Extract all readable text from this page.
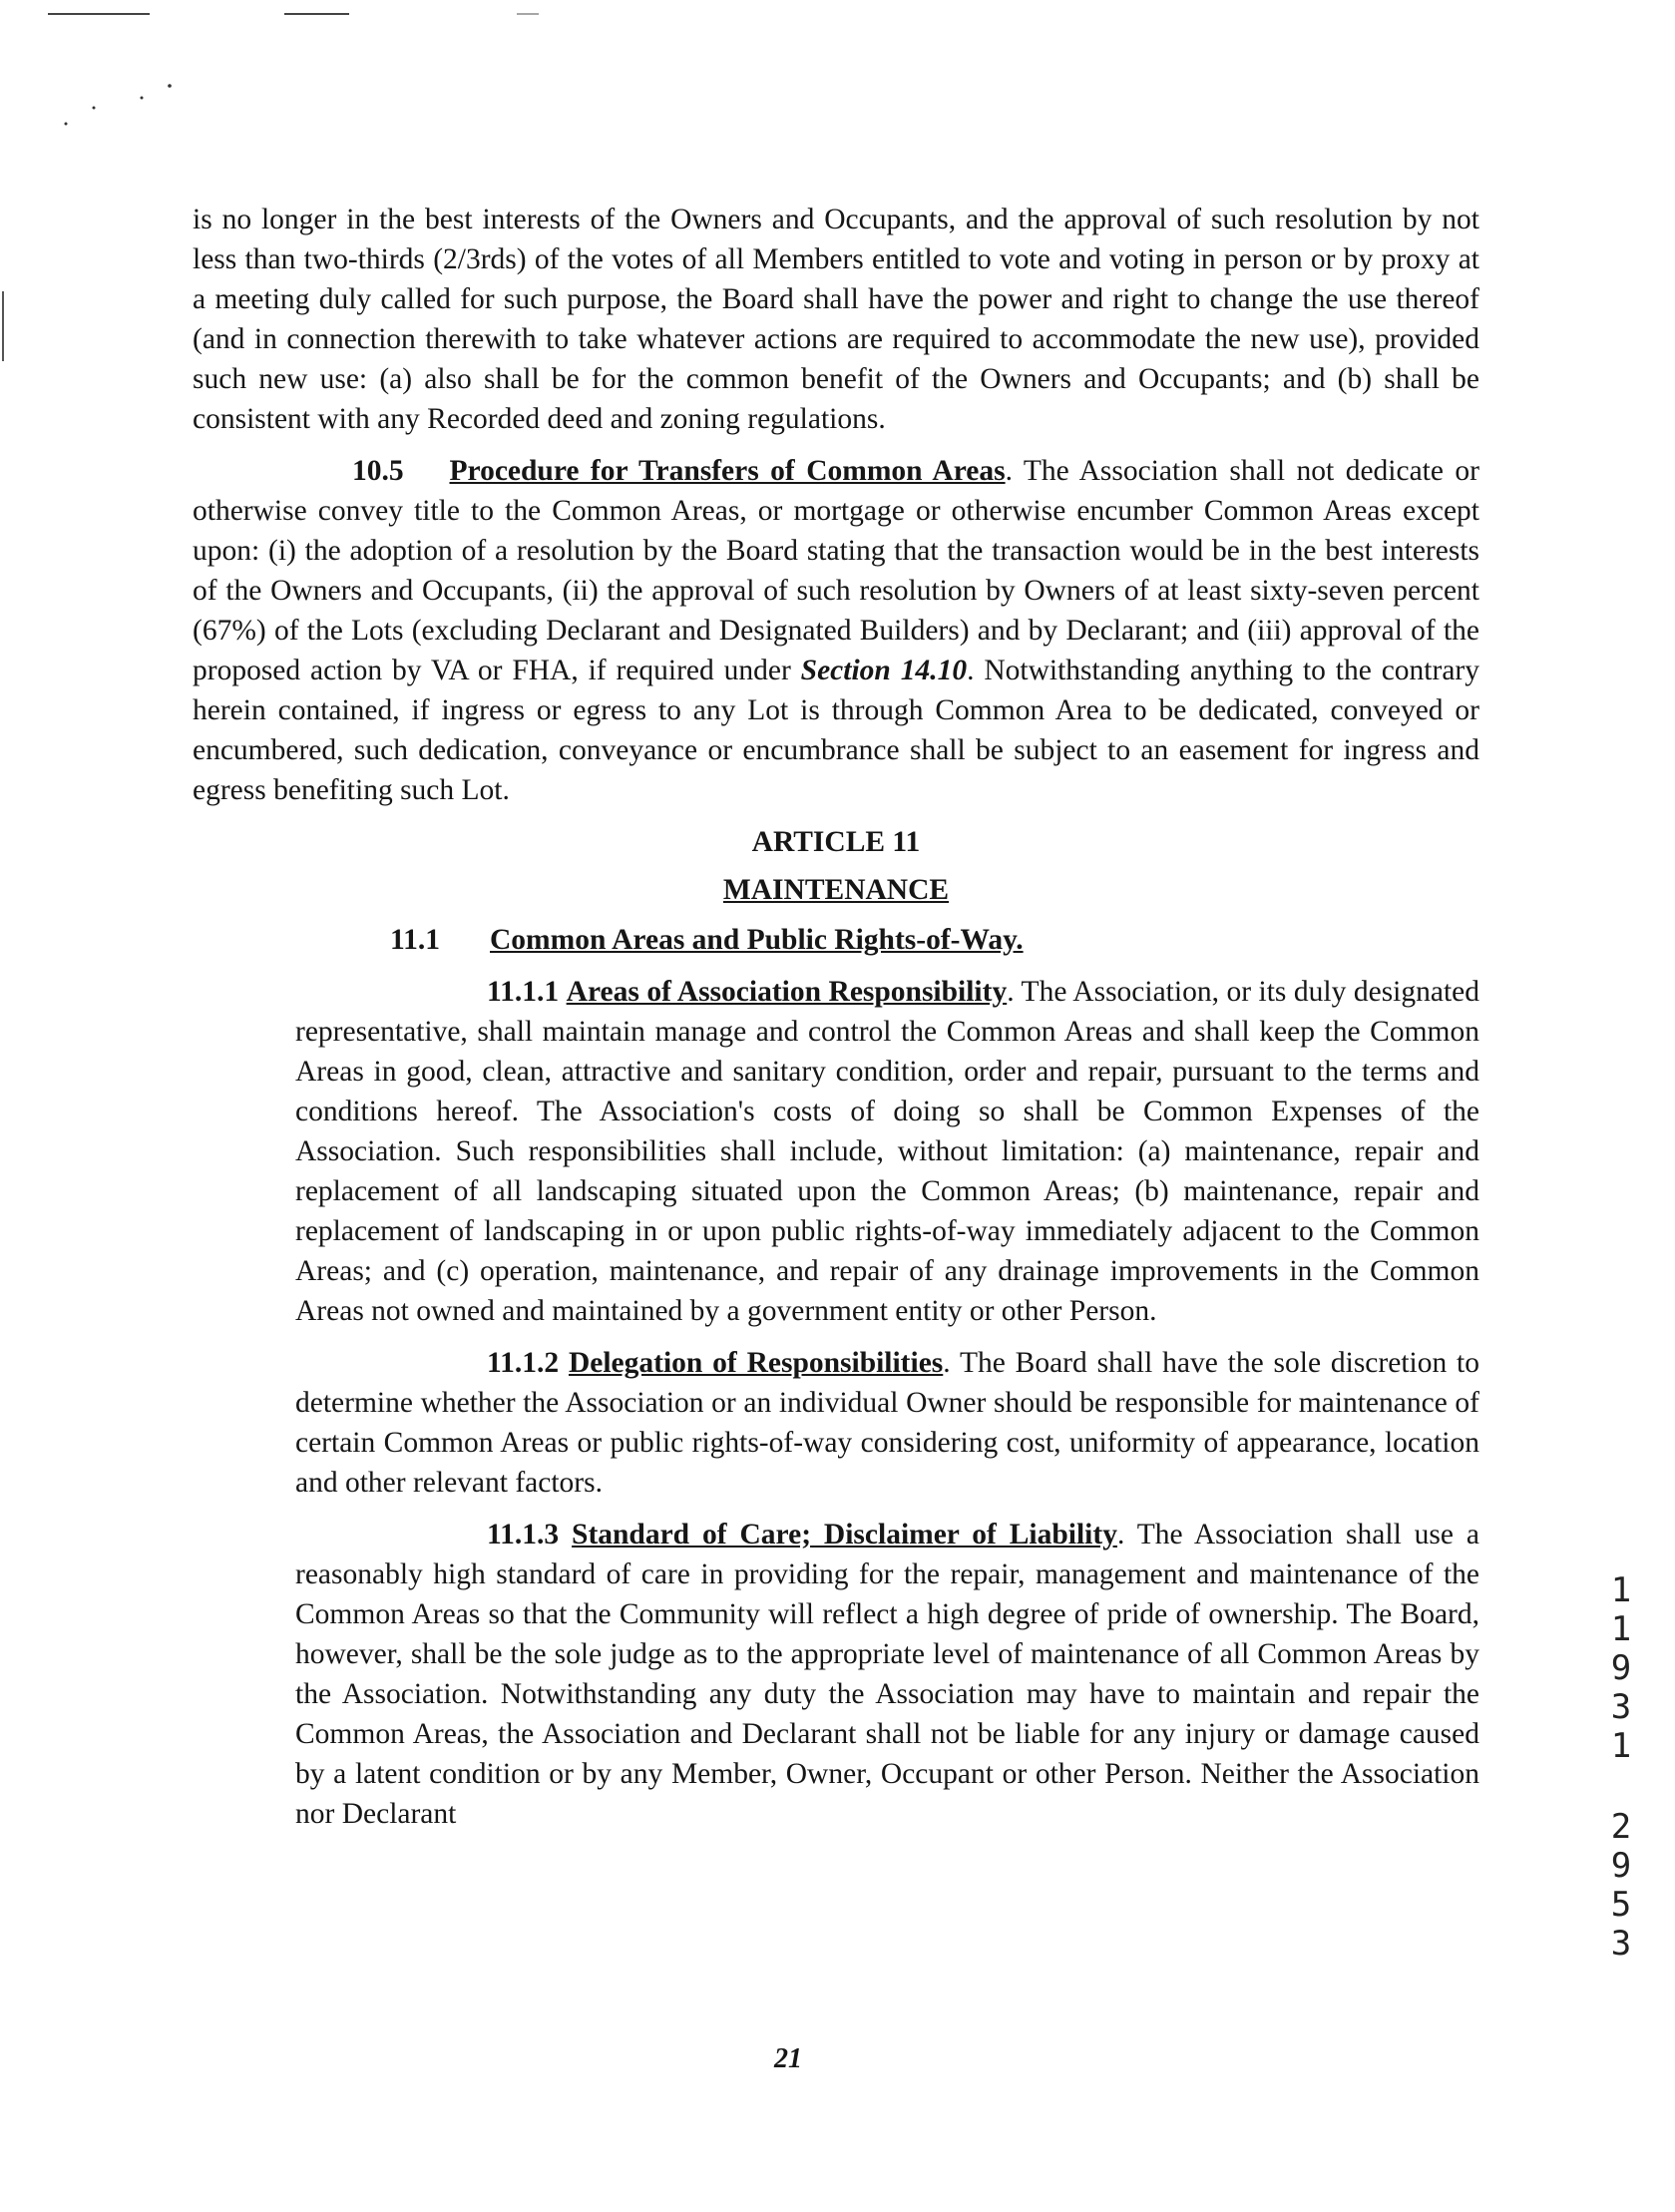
is no longer in the best interests of the Owners and Occupants, and the approval of such resolution by not less than two-thirds (2/3rds) of the votes of all Members entitled to vote and voting in person or by proxy at a meeting duly called for such purpose, the Board shall have the power and right to change the use thereof (and in connection therewith to take whatever actions are required to accommodate the new use), provided such new use: (a) also shall be for the common benefit of the Owners and Occupants; and (b) shall be consistent with any Recorded deed and zoning regulations.

10.5 Procedure for Transfers of Common Areas. The Association shall not dedicate or otherwise convey title to the Common Areas, or mortgage or otherwise encumber Common Areas except upon: (i) the adoption of a resolution by the Board stating that the transaction would be in the best interests of the Owners and Occupants, (ii) the approval of such resolution by Owners of at least sixty-seven percent (67%) of the Lots (excluding Declarant and Designated Builders) and by Declarant; and (iii) approval of the proposed action by VA or FHA, if required under Section 14.10. Notwithstanding anything to the contrary herein contained, if ingress or egress to any Lot is through Common Area to be dedicated, conveyed or encumbered, such dedication, conveyance or encumbrance shall be subject to an easement for ingress and egress benefiting such Lot.

ARTICLE 11
MAINTENANCE
11.1 Common Areas and Public Rights-of-Way.

11.1.1 Areas of Association Responsibility. The Association, or its duly designated representative, shall maintain manage and control the Common Areas and shall keep the Common Areas in good, clean, attractive and sanitary condition, order and repair, pursuant to the terms and conditions hereof. The Association's costs of doing so shall be Common Expenses of the Association. Such responsibilities shall include, without limitation: (a) maintenance, repair and replacement of all landscaping situated upon the Common Areas; (b) maintenance, repair and replacement of landscaping in or upon public rights-of-way immediately adjacent to the Common Areas; and (c) operation, maintenance, and repair of any drainage improvements in the Common Areas not owned and maintained by a government entity or other Person.

11.1.2 Delegation of Responsibilities. The Board shall have the sole discretion to determine whether the Association or an individual Owner should be responsible for maintenance of certain Common Areas or public rights-of-way considering cost, uniformity of appearance, location and other relevant factors.

11.1.3 Standard of Care; Disclaimer of Liability. The Association shall use a reasonably high standard of care in providing for the repair, management and maintenance of the Common Areas so that the Community will reflect a high degree of pride of ownership. The Board, however, shall be the sole judge as to the appropriate level of maintenance of all Common Areas by the Association. Notwithstanding any duty the Association may have to maintain and repair the Common Areas, the Association and Declarant shall not be liable for any injury or damage caused by a latent condition or by any Member, Owner, Occupant or other Person. Neither the Association nor Declarant

1
1
9
3
1
2
9
5
3
21
